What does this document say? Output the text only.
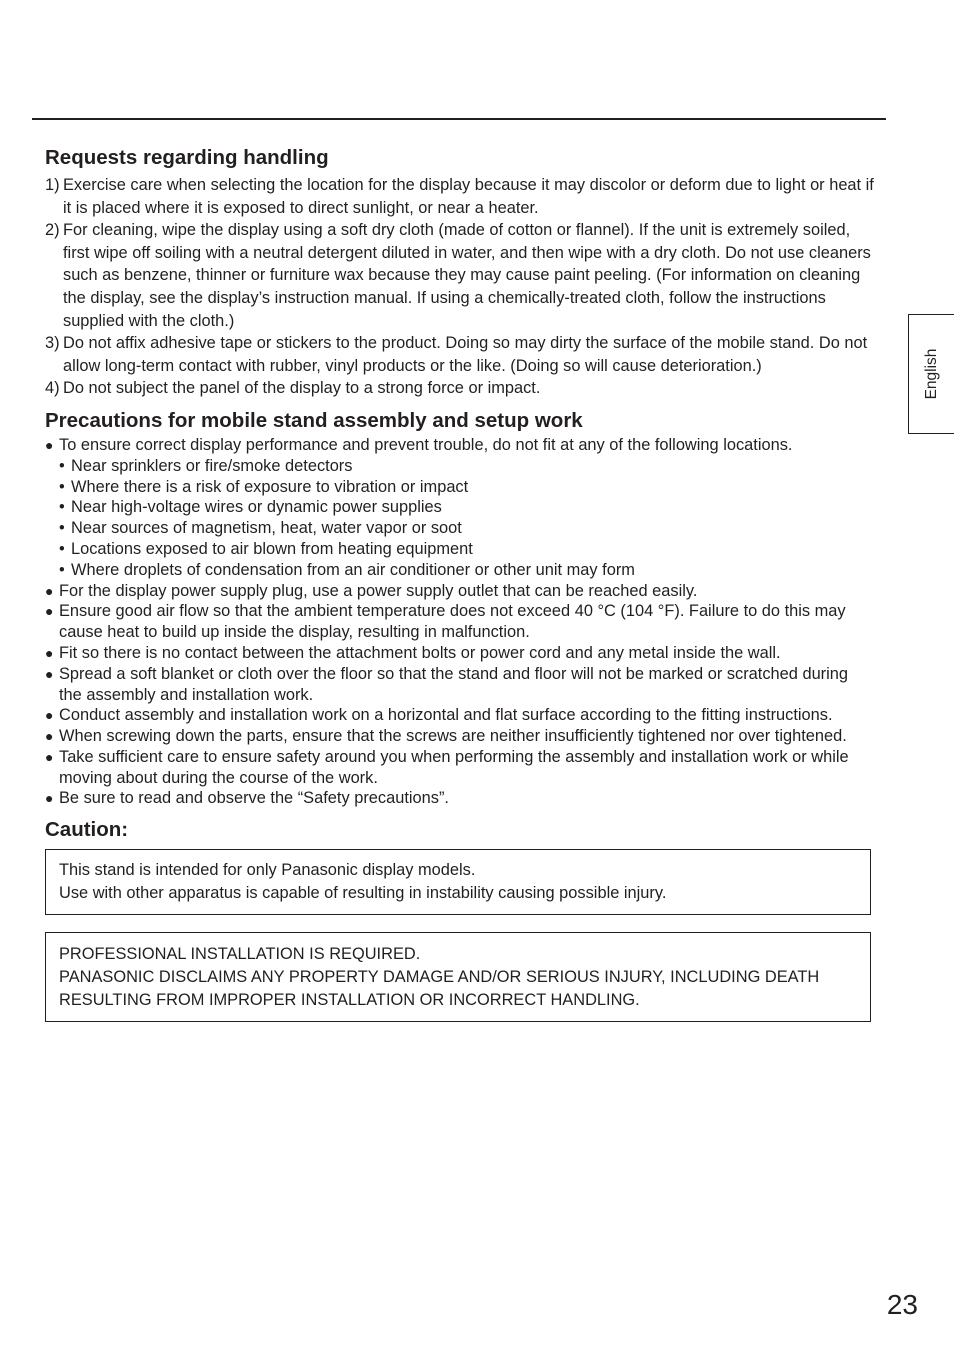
English
Requests regarding handling
1) Exercise care when selecting the location for the display because it may discolor or deform due to light or heat if it is placed where it is exposed to direct sunlight, or near a heater.
2) For cleaning, wipe the display using a soft dry cloth (made of cotton or flannel). If the unit is extremely soiled, first wipe off soiling with a neutral detergent diluted in water, and then wipe with a dry cloth. Do not use cleaners such as benzene, thinner or furniture wax because they may cause paint peeling. (For information on cleaning the display, see the display’s instruction manual. If using a chemically-treated cloth, follow the instructions supplied with the cloth.)
3) Do not affix adhesive tape or stickers to the product. Doing so may dirty the surface of the mobile stand. Do not allow long-term contact with rubber, vinyl products or the like. (Doing so will cause deterioration.)
4) Do not subject the panel of the display to a strong force or impact.
Precautions for mobile stand assembly and setup work
● To ensure correct display performance and prevent trouble, do not fit at any of the following locations.
• Near sprinklers or fire/smoke detectors
• Where there is a risk of exposure to vibration or impact
• Near high-voltage wires or dynamic power supplies
• Near sources of magnetism, heat, water vapor or soot
• Locations exposed to air blown from heating equipment
• Where droplets of condensation from an air conditioner or other unit may form
● For the display power supply plug, use a power supply outlet that can be reached easily.
● Ensure good air flow so that the ambient temperature does not exceed 40 °C (104 °F). Failure to do this may cause heat to build up inside the display, resulting in malfunction.
● Fit so there is no contact between the attachment bolts or power cord and any metal inside the wall.
● Spread a soft blanket or cloth over the floor so that the stand and floor will not be marked or scratched during the assembly and installation work.
● Conduct assembly and installation work on a horizontal and flat surface according to the fitting instructions.
● When screwing down the parts, ensure that the screws are neither insufficiently tightened nor over tightened.
● Take sufficient care to ensure safety around you when performing the assembly and installation work or while moving about during the course of the work.
● Be sure to read and observe the “Safety precautions”.
Caution:

This stand is intended for only Panasonic display models.

Use with other apparatus is capable of resulting in instability causing possible injury.

PROFESSIONAL INSTALLATION IS REQUIRED.

PANASONIC DISCLAIMS ANY PROPERTY DAMAGE AND/OR SERIOUS INJURY, INCLUDING DEATH RESULTING FROM IMPROPER INSTALLATION OR INCORRECT HANDLING.

23
